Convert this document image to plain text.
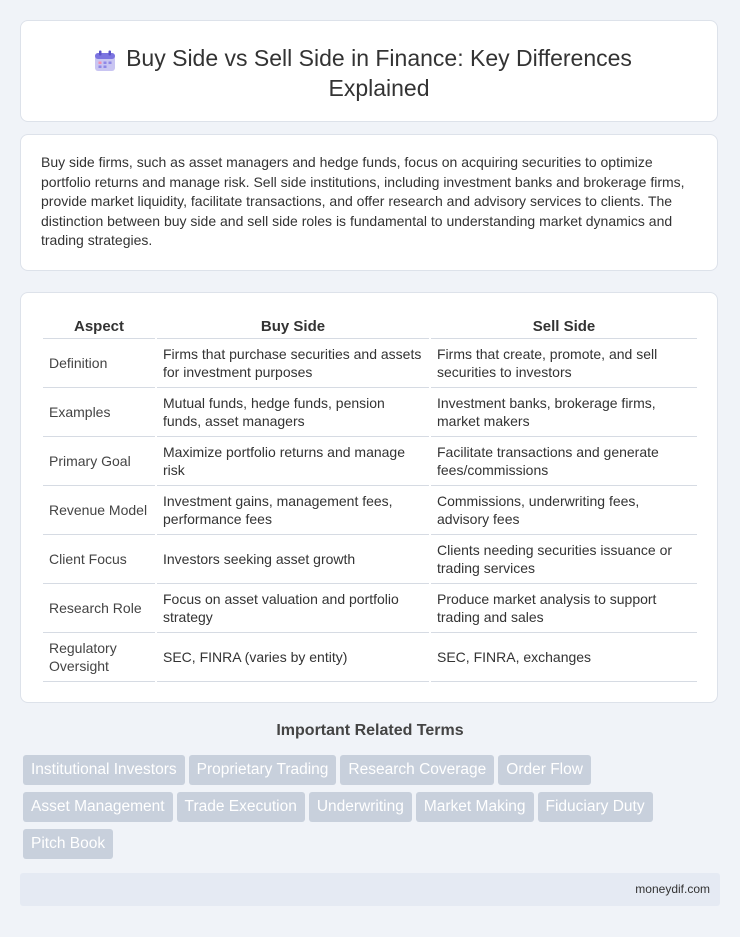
Buy Side vs Sell Side in Finance: Key Differences Explained

Buy side firms, such as asset managers and hedge funds, focus on acquiring securities to optimize portfolio returns and manage risk. Sell side institutions, including investment banks and brokerage firms, provide market liquidity, facilitate transactions, and offer research and advisory services to clients. The distinction between buy side and sell side roles is fundamental to understanding market dynamics and trading strategies.

Aspect	Buy Side	Sell Side
Definition	Firms that purchase securities and assets for investment purposes	Firms that create, promote, and sell securities to investors
Examples	Mutual funds, hedge funds, pension funds, asset managers	Investment banks, brokerage firms, market makers
Primary Goal	Maximize portfolio returns and manage risk	Facilitate transactions and generate fees/commissions
Revenue Model	Investment gains, management fees, performance fees	Commissions, underwriting fees, advisory fees
Client Focus	Investors seeking asset growth	Clients needing securities issuance or trading services
Research Role	Focus on asset valuation and portfolio strategy	Produce market analysis to support trading and sales
Regulatory Oversight	SEC, FINRA (varies by entity)	SEC, FINRA, exchanges
Important Related Terms
Institutional Investors Proprietary Trading Research Coverage Order Flow
Asset Management Trade Execution Underwriting Market Making Fiduciary Duty
Pitch Book
moneydif.com
